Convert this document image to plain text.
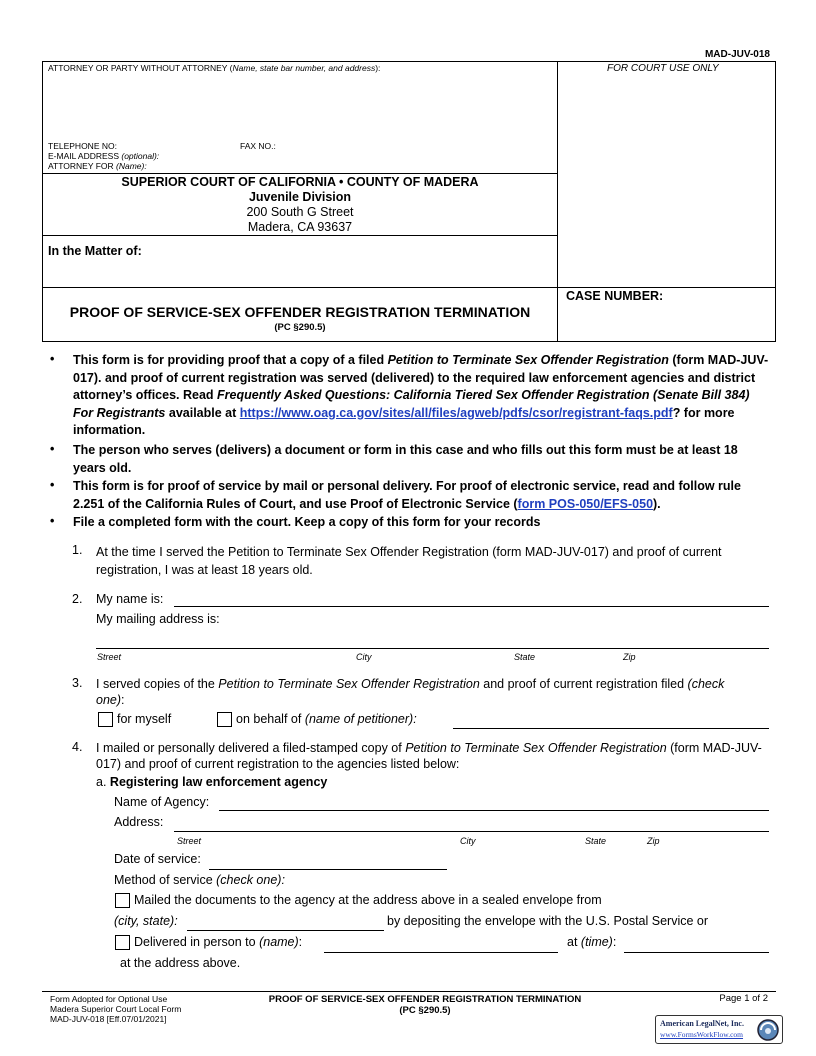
MAD-JUV-018
ATTORNEY OR PARTY WITHOUT ATTORNEY (Name, state bar number, and address):	FOR COURT USE ONLY
TELEPHONE NO:	FAX NO.:
E-MAIL ADDRESS (optional):
ATTORNEY FOR (Name):
SUPERIOR COURT OF CALIFORNIA • COUNTY OF MADERA
Juvenile Division
200 South G Street
Madera, CA 93637
In the Matter of:
CASE NUMBER:
PROOF OF SERVICE-SEX OFFENDER REGISTRATION TERMINATION
(PC §290.5)
• This form is for providing proof that a copy of a filed Petition to Terminate Sex Offender Registration (form MAD-JUV-017). and proof of current registration was served (delivered) to the required law enforcement agencies and district attorney’s offices. Read Frequently Asked Questions: California Tiered Sex Offender Registration (Senate Bill 384) For Registrants available at https://www.oag.ca.gov/sites/all/files/agweb/pdfs/csor/registrant-faqs.pdf? for more information.
• The person who serves (delivers) a document or form in this case and who fills out this form must be at least 18 years old.
• This form is for proof of service by mail or personal delivery. For proof of electronic service, read and follow rule 2.251 of the California Rules of Court, and use Proof of Electronic Service (form POS-050/EFS-050).
• File a completed form with the court. Keep a copy of this form for your records
1. At the time I served the Petition to Terminate Sex Offender Registration (form MAD-JUV-017) and proof of current registration, I was at least 18 years old.
2. My name is:
My mailing address is:
Street	City	State	Zip
3. I served copies of the Petition to Terminate Sex Offender Registration and proof of current registration filed (check one):
for myself	on behalf of (name of petitioner):
4. I mailed or personally delivered a filed-stamped copy of Petition to Terminate Sex Offender Registration (form MAD-JUV-017) and proof of current registration to the agencies listed below:
a. Registering law enforcement agency
Name of Agency:
Address:
Street	City	State	Zip
Date of service:
Method of service (check one):
Mailed the documents to the agency at the address above in a sealed envelope from
(city, state):	by depositing the envelope with the U.S. Postal Service or
Delivered in person to (name):	at (time):
at the address above.
Form Adopted for Optional Use
Madera Superior Court Local Form
MAD-JUV-018 [Eff.07/01/2021]
PROOF OF SERVICE-SEX OFFENDER REGISTRATION TERMINATION
(PC §290.5)
Page 1 of 2
American LegalNet, Inc.
www.FormsWorkFlow.com
